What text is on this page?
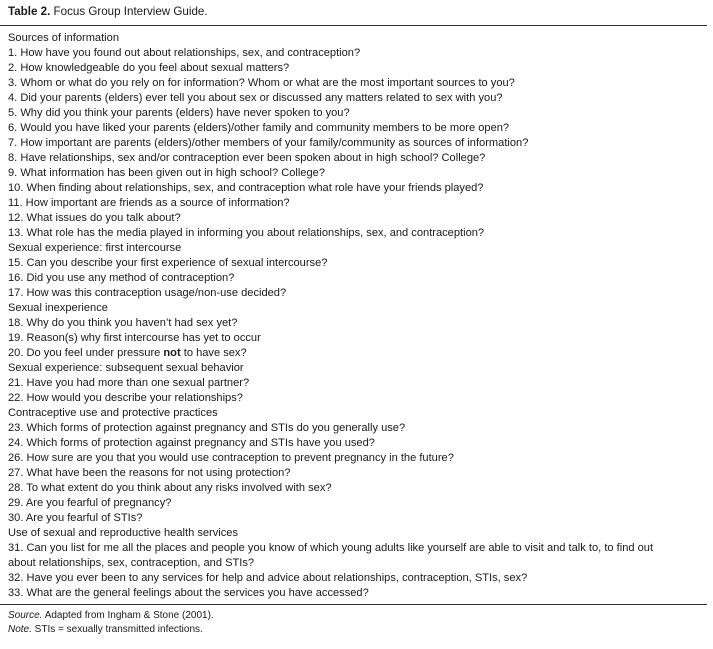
Table 2. Focus Group Interview Guide.
Sources of information
1. How have you found out about relationships, sex, and contraception?
2. How knowledgeable do you feel about sexual matters?
3. Whom or what do you rely on for information? Whom or what are the most important sources to you?
4. Did your parents (elders) ever tell you about sex or discussed any matters related to sex with you?
5. Why did you think your parents (elders) have never spoken to you?
6. Would you have liked your parents (elders)/other family and community members to be more open?
7. How important are parents (elders)/other members of your family/community as sources of information?
8. Have relationships, sex and/or contraception ever been spoken about in high school? College?
9. What information has been given out in high school? College?
10. When finding about relationships, sex, and contraception what role have your friends played?
11. How important are friends as a source of information?
12. What issues do you talk about?
13. What role has the media played in informing you about relationships, sex, and contraception?
Sexual experience: first intercourse
15. Can you describe your first experience of sexual intercourse?
16. Did you use any method of contraception?
17. How was this contraception usage/non-use decided?
Sexual inexperience
18. Why do you think you haven’t had sex yet?
19. Reason(s) why first intercourse has yet to occur
20. Do you feel under pressure not to have sex?
Sexual experience: subsequent sexual behavior
21. Have you had more than one sexual partner?
22. How would you describe your relationships?
Contraceptive use and protective practices
23. Which forms of protection against pregnancy and STIs do you generally use?
24. Which forms of protection against pregnancy and STIs have you used?
26. How sure are you that you would use contraception to prevent pregnancy in the future?
27. What have been the reasons for not using protection?
28. To what extent do you think about any risks involved with sex?
29. Are you fearful of pregnancy?
30. Are you fearful of STIs?
Use of sexual and reproductive health services
31. Can you list for me all the places and people you know of which young adults like yourself are able to visit and talk to, to find out
about relationships, sex, contraception, and STIs?
32. Have you ever been to any services for help and advice about relationships, contraception, STIs, sex?
33. What are the general feelings about the services you have accessed?
Source. Adapted from Ingham & Stone (2001).
Note. STIs = sexually transmitted infections.
